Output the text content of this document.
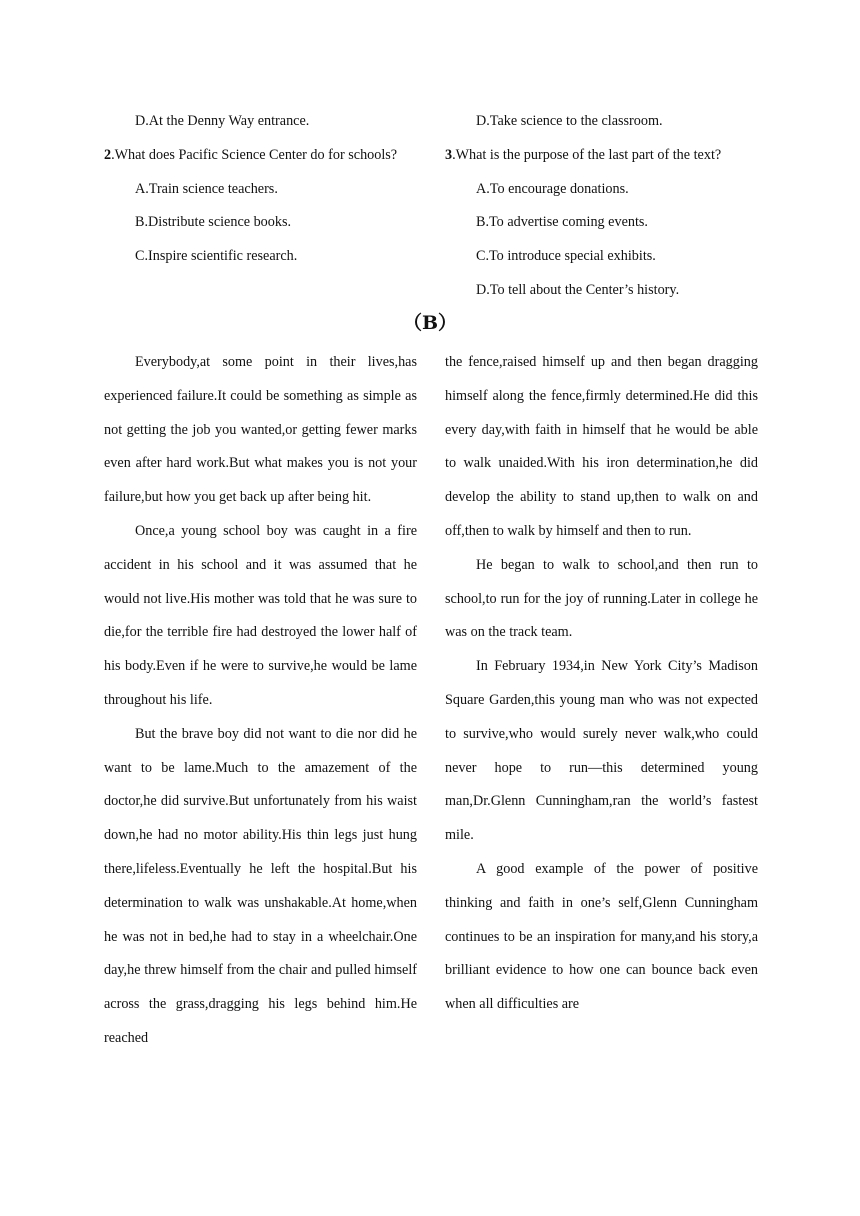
D.At the Denny Way entrance.

2.What does Pacific Science Center do for schools?

A.Train science teachers.
B.Distribute science books.
C.Inspire scientific research.
D.Take science to the classroom.
3.What is the purpose of the last part of the text?
A.To encourage donations.
B.To advertise coming events.
C.To introduce special exhibits.
D.To tell about the Center’s history.
（B）

Everybody,at some point in their lives,has experienced failure.It could be something as simple as not getting the job you wanted,or getting fewer marks even after hard work.But what makes you is not your failure,but how you get back up after being hit.

Once,a young school boy was caught in a fire accident in his school and it was assumed that he would not live.His mother was told that he was sure to die,for the terrible fire had destroyed the lower half of his body.Even if he were to survive,he would be lame throughout his life.

But the brave boy did not want to die nor did he want to be lame.Much to the amazement of the doctor,he did survive.But unfortunately from his waist down,he had no motor ability.His thin legs just hung there,lifeless.Eventually he left the hospital.But his determination to walk was unshakable.At home,when he was not in bed,he had to stay in a wheelchair.One day,he threw himself from the chair and pulled himself across the grass,dragging his legs behind him.He reached

the fence,raised himself up and then began dragging himself along the fence,firmly determined.He did this every day,with faith in himself that he would be able to walk unaided.With his iron determination,he did develop the ability to stand up,then to walk on and off,then to walk by himself and then to run.

He began to walk to school,and then run to school,to run for the joy of running.Later in college he was on the track team.

In February 1934,in New York City’s Madison Square Garden,this young man who was not expected to survive,who would surely never walk,who could never hope to run—this determined young man,Dr.Glenn Cunningham,ran the world’s fastest mile.

A good example of the power of positive thinking and faith in one’s self,Glenn Cunningham continues to be an inspiration for many,and his story,a brilliant evidence to how one can bounce back even when all difficulties are
